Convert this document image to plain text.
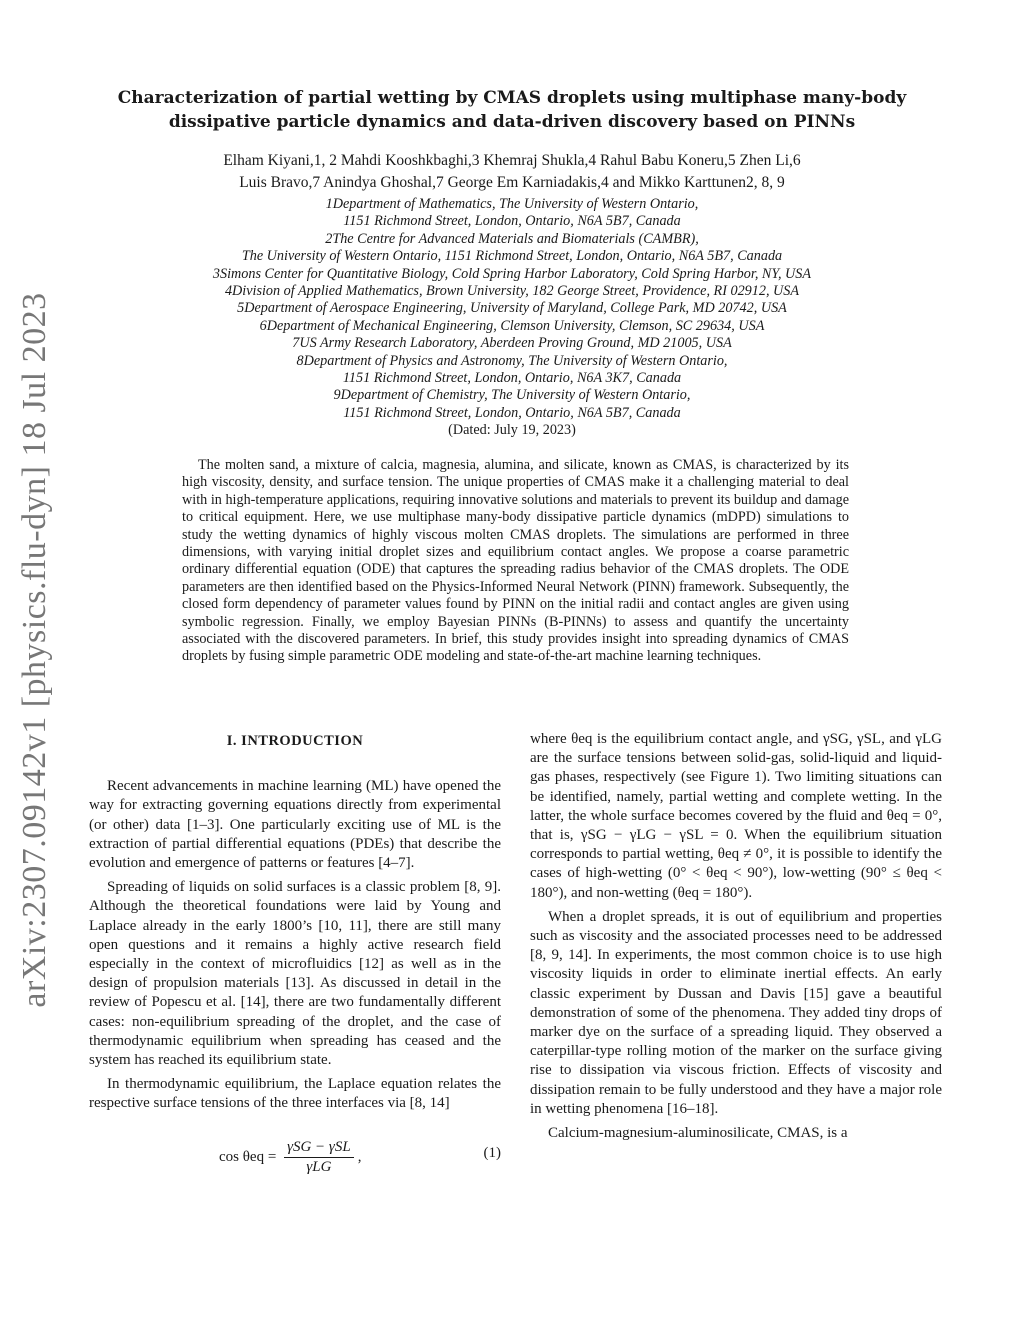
arXiv:2307.09142v1 [physics.flu-dyn] 18 Jul 2023
Characterization of partial wetting by CMAS droplets using multiphase many-body
dissipative particle dynamics and data-driven discovery based on PINNs
Elham Kiyani,1, 2 Mahdi Kooshkbaghi,3 Khemraj Shukla,4 Rahul Babu Koneru,5 Zhen Li,6
Luis Bravo,7 Anindya Ghoshal,7 George Em Karniadakis,4 and Mikko Karttunen2, 8, 9
1Department of Mathematics, The University of Western Ontario,
1151 Richmond Street, London, Ontario, N6A 5B7, Canada
2The Centre for Advanced Materials and Biomaterials (CAMBR),
The University of Western Ontario, 1151 Richmond Street, London, Ontario, N6A 5B7, Canada
3Simons Center for Quantitative Biology, Cold Spring Harbor Laboratory, Cold Spring Harbor, NY, USA
4Division of Applied Mathematics, Brown University, 182 George Street, Providence, RI 02912, USA
5Department of Aerospace Engineering, University of Maryland, College Park, MD 20742, USA
6Department of Mechanical Engineering, Clemson University, Clemson, SC 29634, USA
7US Army Research Laboratory, Aberdeen Proving Ground, MD 21005, USA
8Department of Physics and Astronomy, The University of Western Ontario,
1151 Richmond Street, London, Ontario, N6A 3K7, Canada
9Department of Chemistry, The University of Western Ontario,
1151 Richmond Street, London, Ontario, N6A 5B7, Canada
(Dated: July 19, 2023)
The molten sand, a mixture of calcia, magnesia, alumina, and silicate, known as CMAS, is characterized by its high viscosity, density, and surface tension. The unique properties of CMAS make it a challenging material to deal with in high-temperature applications, requiring innovative solutions and materials to prevent its buildup and damage to critical equipment. Here, we use multiphase many-body dissipative particle dynamics (mDPD) simulations to study the wetting dynamics of highly viscous molten CMAS droplets. The simulations are performed in three dimensions, with varying initial droplet sizes and equilibrium contact angles. We propose a coarse parametric ordinary differential equation (ODE) that captures the spreading radius behavior of the CMAS droplets. The ODE parameters are then identified based on the Physics-Informed Neural Network (PINN) framework. Subsequently, the closed form dependency of parameter values found by PINN on the initial radii and contact angles are given using symbolic regression. Finally, we employ Bayesian PINNs (B-PINNs) to assess and quantify the uncertainty associated with the discovered parameters. In brief, this study provides insight into spreading dynamics of CMAS droplets by fusing simple parametric ODE modeling and state-of-the-art machine learning techniques.
I. INTRODUCTION

Recent advancements in machine learning (ML) have opened the way for extracting governing equations directly from experimental (or other) data [1–3]. One particularly exciting use of ML is the extraction of partial differential equations (PDEs) that describe the evolution and emergence of patterns or features [4–7].

Spreading of liquids on solid surfaces is a classic problem [8, 9]. Although the theoretical foundations were laid by Young and Laplace already in the early 1800’s [10, 11], there are still many open questions and it remains a highly active research field especially in the context of microfluidics [12] as well as in the design of propulsion materials [13]. As discussed in detail in the review of Popescu et al. [14], there are two fundamentally different cases: non-equilibrium spreading of the droplet, and the case of thermodynamic equilibrium when spreading has ceased and the system has reached its equilibrium state.

In thermodynamic equilibrium, the Laplace equation relates the respective surface tensions of the three interfaces via [8, 14]

$\cos \theta eq = \frac{\text{γSG − γSL}}{\text{γLG}}$ ,	(1)

where θeq is the equilibrium contact angle, and γSG, γSL, and γLG are the surface tensions between solid-gas, solid-liquid and liquid-gas phases, respectively (see Figure 1). Two limiting situations can be identified, namely, partial wetting and complete wetting. In the latter, the whole surface becomes covered by the fluid and θeq = 0°, that is, γSG − γLG − γSL = 0. When the equilibrium situation corresponds to partial wetting, θeq ≠ 0°, it is possible to identify the cases of high-wetting (0° < θeq < 90°), low-wetting (90° ≤ θeq < 180°), and non-wetting (θeq = 180°).

When a droplet spreads, it is out of equilibrium and properties such as viscosity and the associated processes need to be addressed [8, 9, 14]. In experiments, the most common choice is to use high viscosity liquids in order to eliminate inertial effects. An early classic experiment by Dussan and Davis [15] gave a beautiful demonstration of some of the phenomena. They added tiny drops of marker dye on the surface of a spreading liquid. They observed a caterpillar-type rolling motion of the marker on the surface giving rise to dissipation via viscous friction. Effects of viscosity and dissipation remain to be fully understood and they have a major role in wetting phenomena [16–18].

Calcium-magnesium-aluminosilicate, CMAS, is a
